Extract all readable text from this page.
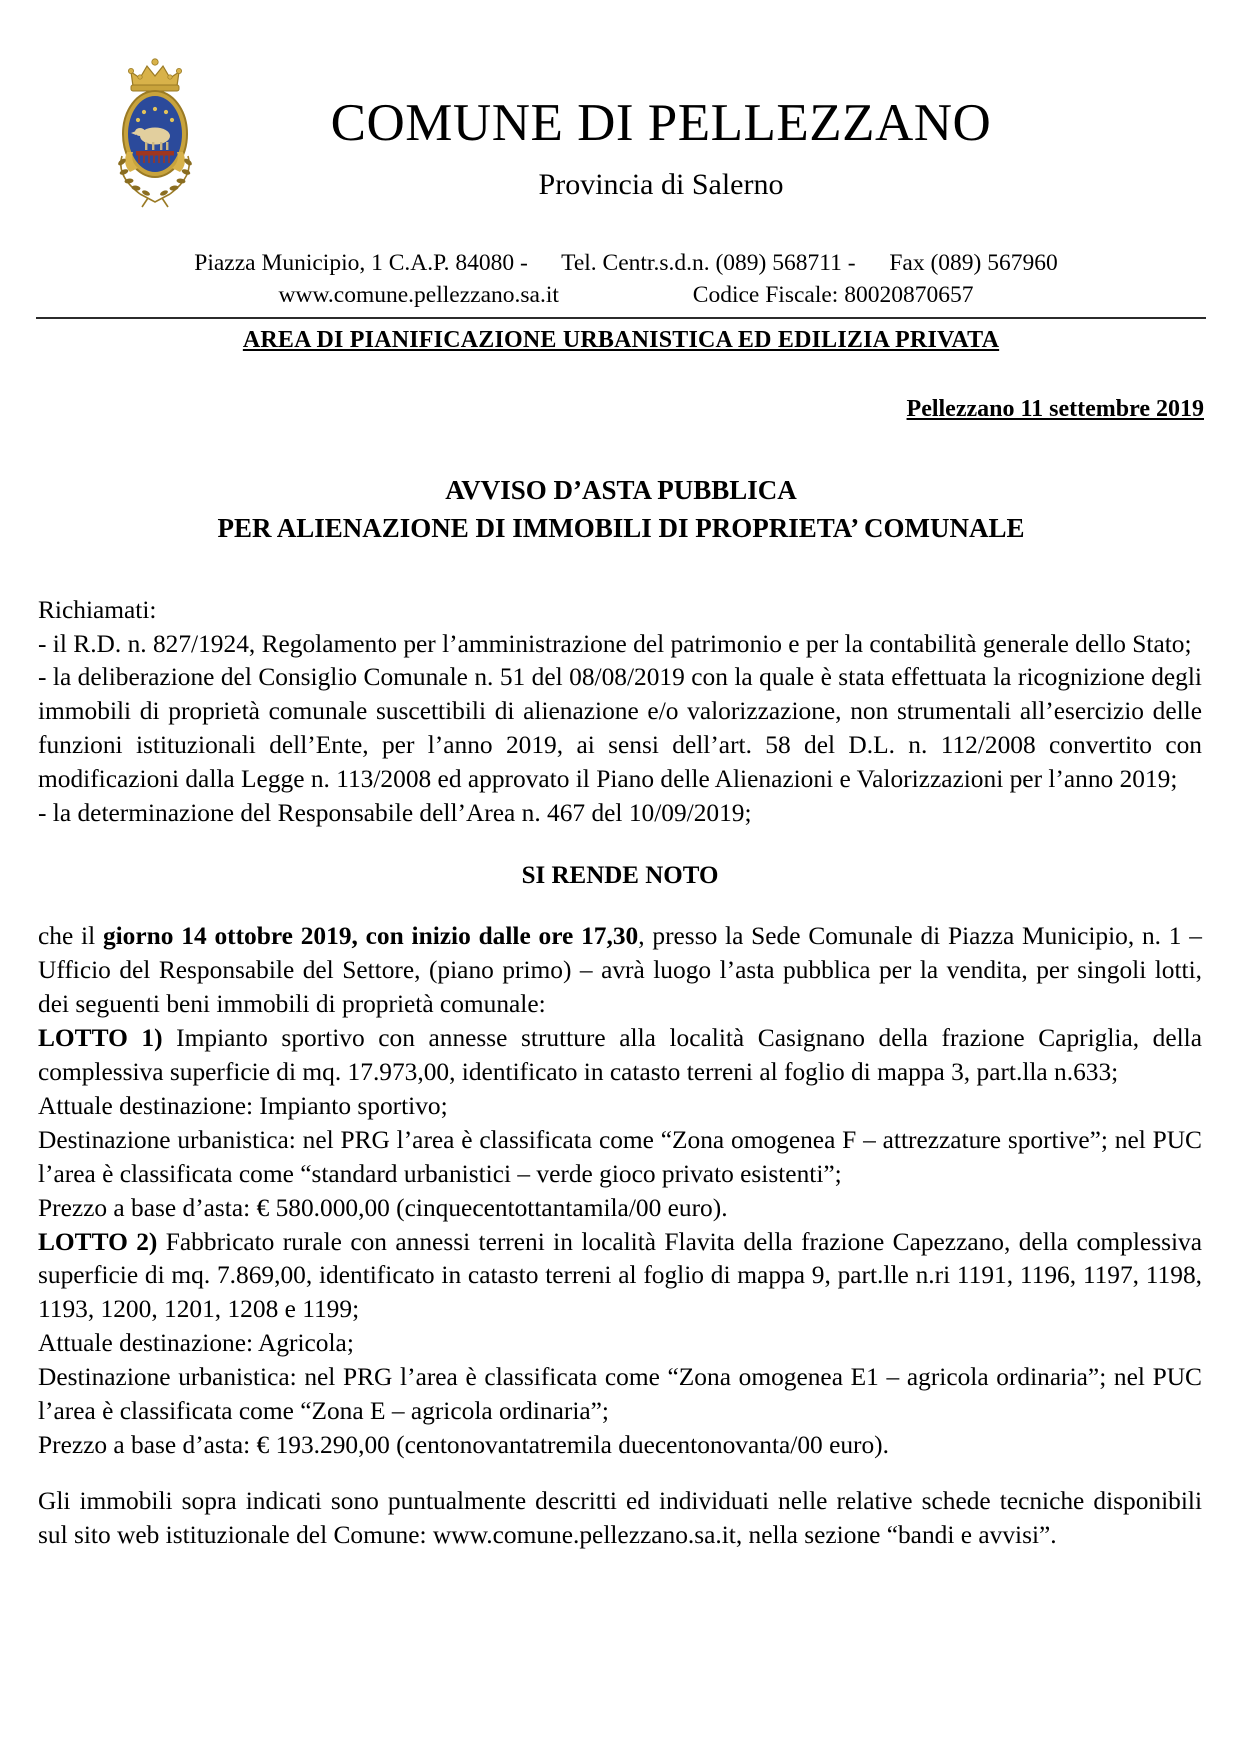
COMUNE DI PELLEZZANO
Provincia di Salerno
Piazza Municipio, 1 C.A.P. 84080 - Tel. Centr.s.d.n. (089) 568711 - Fax (089) 567960
www.comune.pellezzano.sa.it	Codice Fiscale: 80020870657
AREA DI PIANIFICAZIONE URBANISTICA ED EDILIZIA PRIVATA
Pellezzano 11 settembre 2019
AVVISO D’ASTA PUBBLICA
PER ALIENAZIONE DI IMMOBILI DI PROPRIETA’ COMUNALE

Richiamati:

- il R.D. n. 827/1924, Regolamento per l’amministrazione del patrimonio e per la contabilità generale dello Stato;

- la deliberazione del Consiglio Comunale n. 51 del 08/08/2019 con la quale è stata effettuata la ricognizione degli immobili di proprietà comunale suscettibili di alienazione e/o valorizzazione, non strumentali all’esercizio delle funzioni istituzionali dell’Ente, per l’anno 2019, ai sensi dell’art. 58 del D.L. n. 112/2008 convertito con modificazioni dalla Legge n. 113/2008 ed approvato il Piano delle Alienazioni e Valorizzazioni per l’anno 2019;

- la determinazione del Responsabile dell’Area n. 467 del 10/09/2019;

SI RENDE NOTO

che il giorno 14 ottobre 2019, con inizio dalle ore 17,30, presso la Sede Comunale di Piazza Municipio, n. 1 – Ufficio del Responsabile del Settore, (piano primo) – avrà luogo l’asta pubblica per la vendita, per singoli lotti, dei seguenti beni immobili di proprietà comunale:

LOTTO 1) Impianto sportivo con annesse strutture alla località Casignano della frazione Capriglia, della complessiva superficie di mq. 17.973,00, identificato in catasto terreni al foglio di mappa 3, part.lla n.633;

Attuale destinazione: Impianto sportivo;

Destinazione urbanistica: nel PRG l’area è classificata come “Zona omogenea F – attrezzature sportive”; nel PUC l’area è classificata come “standard urbanistici – verde gioco privato esistenti”;

Prezzo a base d’asta: € 580.000,00 (cinquecentottantamila/00 euro).

LOTTO 2) Fabbricato rurale con annessi terreni in località Flavita della frazione Capezzano, della complessiva superficie di mq. 7.869,00, identificato in catasto terreni al foglio di mappa 9, part.lle n.ri 1191, 1196, 1197, 1198, 1193, 1200, 1201, 1208 e 1199;

Attuale destinazione: Agricola;

Destinazione urbanistica: nel PRG l’area è classificata come “Zona omogenea E1 – agricola ordinaria”; nel PUC l’area è classificata come “Zona E – agricola ordinaria”;

Prezzo a base d’asta: € 193.290,00 (centonovantatremila duecentonovanta/00 euro).

Gli immobili sopra indicati sono puntualmente descritti ed individuati nelle relative schede tecniche disponibili sul sito web istituzionale del Comune: www.comune.pellezzano.sa.it, nella sezione “bandi e avvisi”.
